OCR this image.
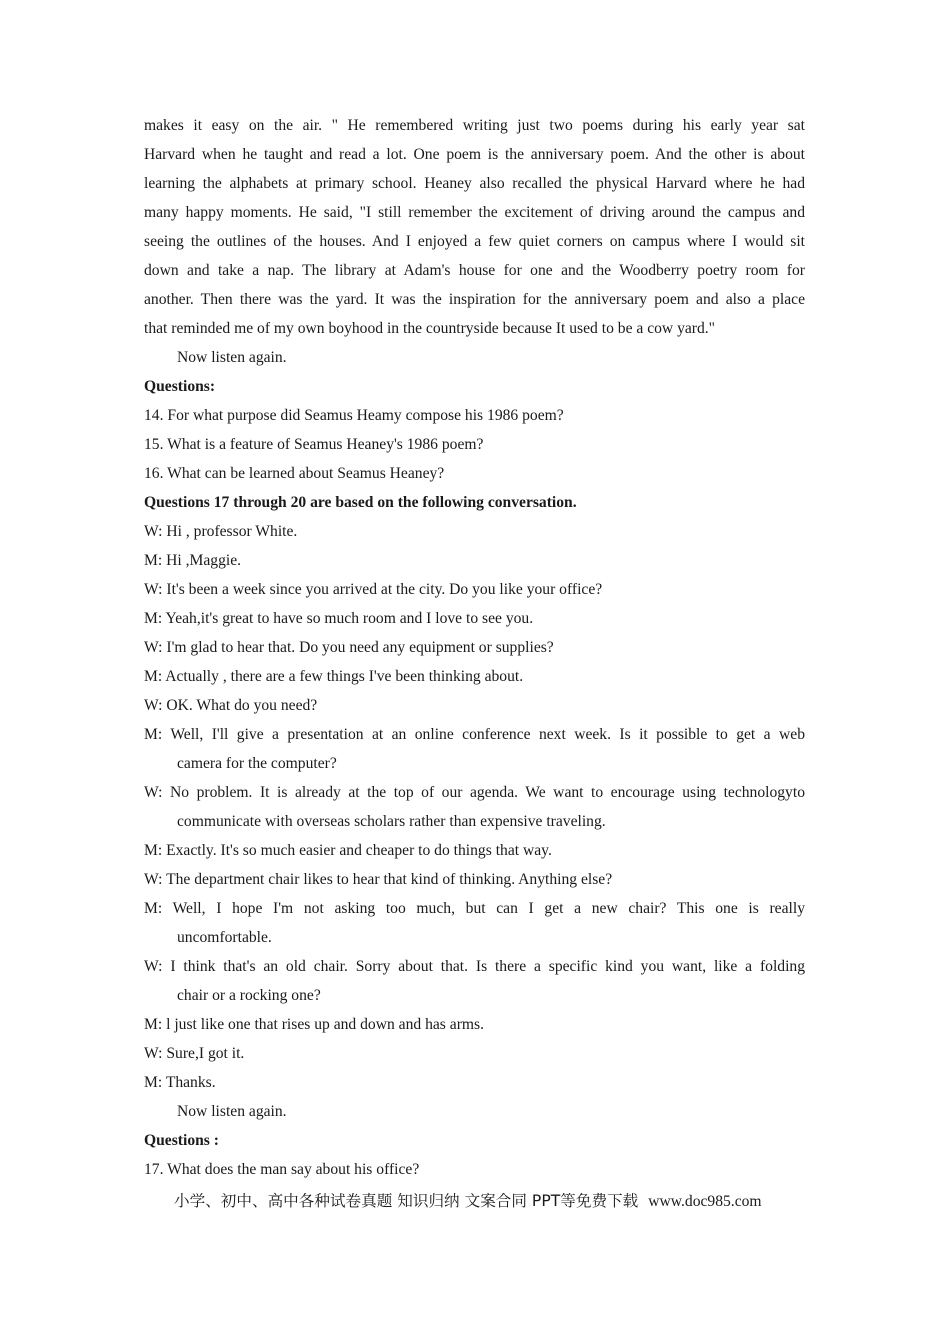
makes it easy on the air. " He remembered writing just two poems during his early year sat
Harvard when he taught and read a lot. One poem is the anniversary poem. And the other is about
learning the alphabets at primary school. Heaney also recalled the physical Harvard where he had
many happy moments. He said, "I still remember the excitement of driving around the campus and
seeing the outlines of the houses. And I enjoyed a few quiet corners on campus where I would sit
down and take a nap. The library at Adam's house for one and the Woodberry poetry room for
another. Then there was the yard. It was the inspiration for the anniversary poem and also a place
that reminded me of my own boyhood in the countryside because It used to be a cow yard."
Now listen again.
Questions:
14. For what purpose did Seamus Heamy compose his 1986 poem?
15. What is a feature of Seamus Heaney's 1986 poem?
16. What can be learned about Seamus Heaney?
Questions 17 through 20 are based on the following conversation.
W: Hi , professor White.
M: Hi ,Maggie.
W: It's been a week since you arrived at the city. Do you like your office?
M: Yeah,it's great to have so much room and I love to see you.
W: I'm glad to hear that. Do you need any equipment or supplies?
M: Actually , there are a few things I've been thinking about.
W: OK. What do you need?
M: Well, I'll give a presentation at an online conference next week. Is it possible to get a web
camera for the computer?
W: No problem. It is already at the top of our agenda. We want to encourage using technologyto
communicate with overseas scholars rather than expensive traveling.
M: Exactly. It's so much easier and cheaper to do things that way.
W: The department chair likes to hear that kind of thinking. Anything else?
M: Well, I hope I'm not asking too much, but can I get a new chair? This one is really
uncomfortable.
W: I think that's an old chair. Sorry about that. Is there a specific kind you want, like a folding
chair or a rocking one?
M: l just like one that rises up and down and has arms.
W: Sure,I got it.
M: Thanks.
Now listen again.
Questions :
17. What does the man say about his office?
小学、初中、高中各种试卷真题 知识归纳 文案合同 PPT等免费下载 www.doc985.com
